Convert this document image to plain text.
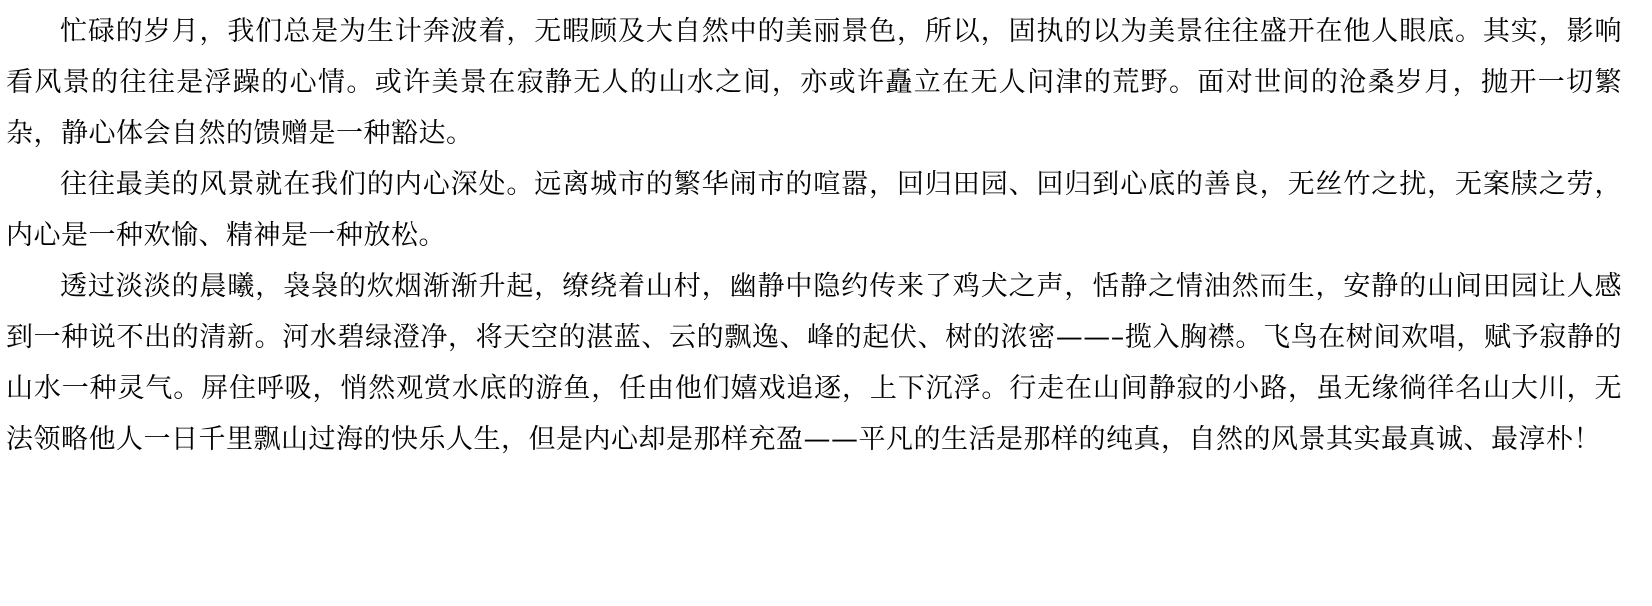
忙碌的岁月，我们总是为生计奔波着，无暇顾及大自然中的美丽景色，所以，固执的以为美景往往盛开在他人眼底。其实，影响看风景的往往是浮躁的心情。或许美景在寂静无人的山水之间，亦或许矗立在无人问津的荒野。面对世间的沧桑岁月，抛开一切繁杂，静心体会自然的馈赠是一种豁达。

往往最美的风景就在我们的内心深处。远离城市的繁华闹市的喧嚣，回归田园、回归到心底的善良，无丝竹之扰，无案牍之劳，内心是一种欢愉、精神是一种放松。

透过淡淡的晨曦，袅袅的炊烟渐渐升起，缭绕着山村，幽静中隐约传来了鸡犬之声，恬静之情油然而生，安静的山间田园让人感到一种说不出的清新。河水碧绿澄净，将天空的湛蓝、云的飘逸、峰的起伏、树的浓密——–揽入胸襟。飞鸟在树间欢唱，赋予寂静的山水一种灵气。屏住呼吸，悄然观赏水底的游鱼，任由他们嬉戏追逐，上下沉浮。行走在山间静寂的小路，虽无缘徜徉名山大川，无法领略他人一日千里飘山过海的快乐人生，但是内心却是那样充盈——平凡的生活是那样的纯真，自然的风景其实最真诚、最淳朴！
